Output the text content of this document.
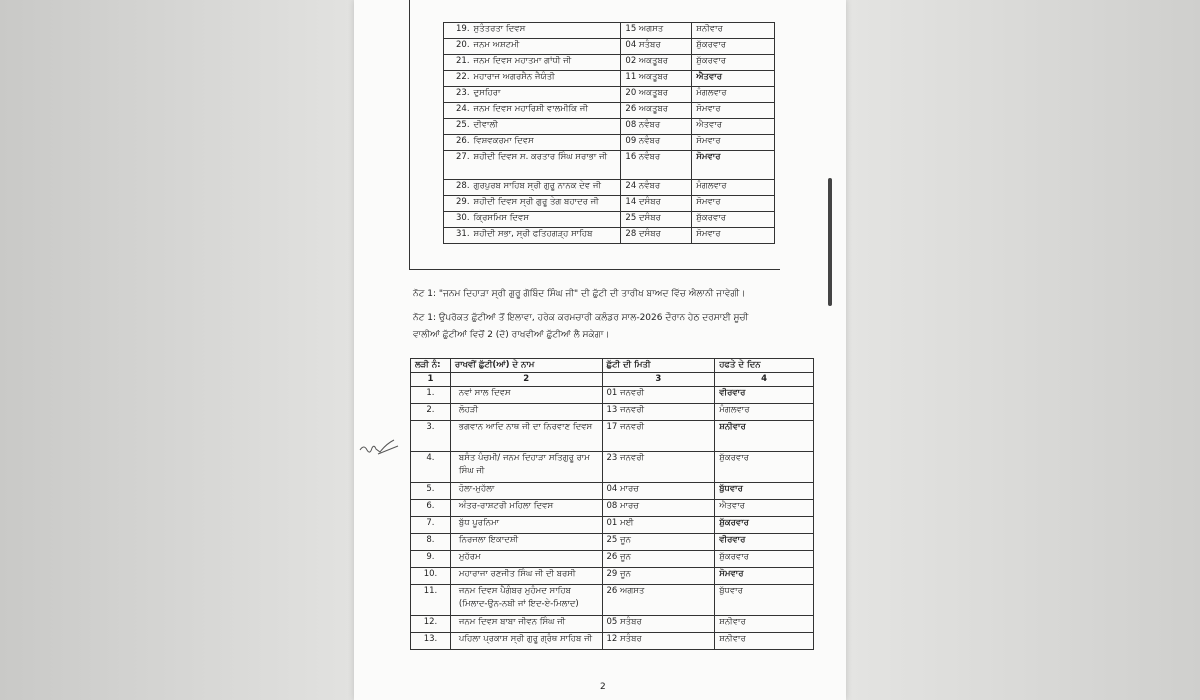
19. ਸੁਤੰਤਰਤਾ ਦਿਵਸ	15 ਅਗਸਤ	ਸ਼ਨੀਵਾਰ
20. ਜਨਮ ਅਸ਼ਟਮੀ	04 ਸਤੰਬਰ	ਸ਼ੁੱਕਰਵਾਰ
21. ਜਨਮ ਦਿਵਸ ਮਹਾਤਮਾ ਗਾਂਧੀ ਜੀ	02 ਅਕਤੂਬਰ	ਸ਼ੁੱਕਰਵਾਰ
22. ਮਹਾਰਾਜ ਅਗਰਸੈਨ ਜੈਯੰਤੀ	11 ਅਕਤੂਬਰ	ਐਤਵਾਰ
23. ਦੁਸਹਿਰਾ	20 ਅਕਤੂਬਰ	ਮੰਗਲਵਾਰ
24. ਜਨਮ ਦਿਵਸ ਮਹਾਰਿਸ਼ੀ ਵਾਲਮੀਕਿ ਜੀ	26 ਅਕਤੂਬਰ	ਸੋਮਵਾਰ
25. ਦੀਵਾਲੀ	08 ਨਵੰਬਰ	ਐਤਵਾਰ
26. ਵਿਸ਼ਵਕਰਮਾ ਦਿਵਸ	09 ਨਵੰਬਰ	ਸੋਮਵਾਰ
27. ਸ਼ਹੀਦੀ ਦਿਵਸ ਸ. ਕਰਤਾਰ ਸਿੰਘ ਸਰਾਭਾ ਜੀ	16 ਨਵੰਬਰ	ਸੋਮਵਾਰ
28. ਗੁਰਪੁਰਬ ਸਾਹਿਬ ਸ੍ਰੀ ਗੁਰੂ ਨਾਨਕ ਦੇਵ ਜੀ	24 ਨਵੰਬਰ	ਮੰਗਲਵਾਰ
29. ਸ਼ਹੀਦੀ ਦਿਵਸ ਸ੍ਰੀ ਗੁਰੂ ਤੇਗ ਬਹਾਦਰ ਜੀ	14 ਦਸੰਬਰ	ਸੋਮਵਾਰ
30. ਕ੍ਰਿਸਮਿਸ ਦਿਵਸ	25 ਦਸੰਬਰ	ਸ਼ੁੱਕਰਵਾਰ
31. ਸ਼ਹੀਦੀ ਸਭਾ, ਸ੍ਰੀ ਫਤਿਹਗੜ੍ਹ ਸਾਹਿਬ	28 ਦਸੰਬਰ	ਸੋਮਵਾਰ
ਨੋਟ 1: "ਜਨਮ ਦਿਹਾੜਾ ਸ੍ਰੀ ਗੁਰੂ ਗੋਬਿੰਦ ਸਿੰਘ ਜੀ" ਦੀ ਛੁੱਟੀ ਦੀ ਤਾਰੀਖ ਬਾਅਦ ਵਿੱਚ ਐਲਾਨੀ ਜਾਵੇਗੀ।
ਨੋਟ 1: ਉਪਰੋਕਤ ਛੁੱਟੀਆਂ ਤੋਂ ਇਲਾਵਾ, ਹਰੇਕ ਕਰਮਚਾਰੀ ਕਲੰਡਰ ਸਾਲ-2026 ਦੌਰਾਨ ਹੇਠ ਦਰਸਾਈ ਸੂਚੀ
ਵਾਲੀਆਂ ਛੁੱਟੀਆਂ ਵਿਚੋਂ 2 (ਦੋ) ਰਾਖਵੀਆਂ ਛੁੱਟੀਆਂ ਲੈ ਸਕੇਗਾ।
ਲੜੀ ਨੰ:	ਰਾਖਵੀਂ ਛੁੱਟੀ(ਆਂ) ਦੇ ਨਾਮ	ਛੁੱਟੀ ਦੀ ਮਿਤੀ	ਹਫਤੇ ਦੇ ਦਿਨ
1	2	3	4
1.	ਨਵਾਂ ਸਾਲ ਦਿਵਸ	01 ਜਨਵਰੀ	ਵੀਰਵਾਰ
2.	ਲੋਹੜੀ	13 ਜਨਵਰੀ	ਮੰਗਲਵਾਰ
3.	ਭਗਵਾਨ ਆਦਿ ਨਾਥ ਜੀ ਦਾ ਨਿਰਵਾਣ ਦਿਵਸ	17 ਜਨਵਰੀ	ਸ਼ਨੀਵਾਰ
4.	ਬਸੰਤ ਪੰਚਮੀ/ ਜਨਮ ਦਿਹਾੜਾ ਸਤਿਗੁਰੂ ਰਾਮ ਸਿੰਘ ਜੀ	23 ਜਨਵਰੀ	ਸ਼ੁੱਕਰਵਾਰ
5.	ਹੋਲਾ-ਮੁਹੱਲਾ	04 ਮਾਰਚ	ਬੁੱਧਵਾਰ
6.	ਅੰਤਰ-ਰਾਸ਼ਟਰੀ ਮਹਿਲਾ ਦਿਵਸ	08 ਮਾਰਚ	ਐਤਵਾਰ
7.	ਬੁੱਧ ਪੂਰਨਿਮਾ	01 ਮਈ	ਸ਼ੁੱਕਰਵਾਰ
8.	ਨਿਰਜਲਾ ਇਕਾਦਸ਼ੀ	25 ਜੂਨ	ਵੀਰਵਾਰ
9.	ਮੁਹੱਰਮ	26 ਜੂਨ	ਸ਼ੁੱਕਰਵਾਰ
10.	ਮਹਾਰਾਜਾ ਰਣਜੀਤ ਸਿੰਘ ਜੀ ਦੀ ਬਰਸੀ	29 ਜੂਨ	ਸੋਮਵਾਰ
11.	ਜਨਮ ਦਿਵਸ ਪੈਗੰਬਰ ਮੁਹੰਮਦ ਸਾਹਿਬ (ਮਿਲਾਦ-ਉਨ-ਨਬੀ ਜਾਂ ਇਦ-ਏ-ਮਿਲਾਦ)	26 ਅਗਸਤ	ਬੁੱਧਵਾਰ
12.	ਜਨਮ ਦਿਵਸ ਬਾਬਾ ਜੀਵਨ ਸਿੰਘ ਜੀ	05 ਸਤੰਬਰ	ਸ਼ਨੀਵਾਰ
13.	ਪਹਿਲਾ ਪ੍ਰਕਾਸ਼ ਸ੍ਰੀ ਗੁਰੂ ਗ੍ਰੰਥ ਸਾਹਿਬ ਜੀ	12 ਸਤੰਬਰ	ਸ਼ਨੀਵਾਰ
2
